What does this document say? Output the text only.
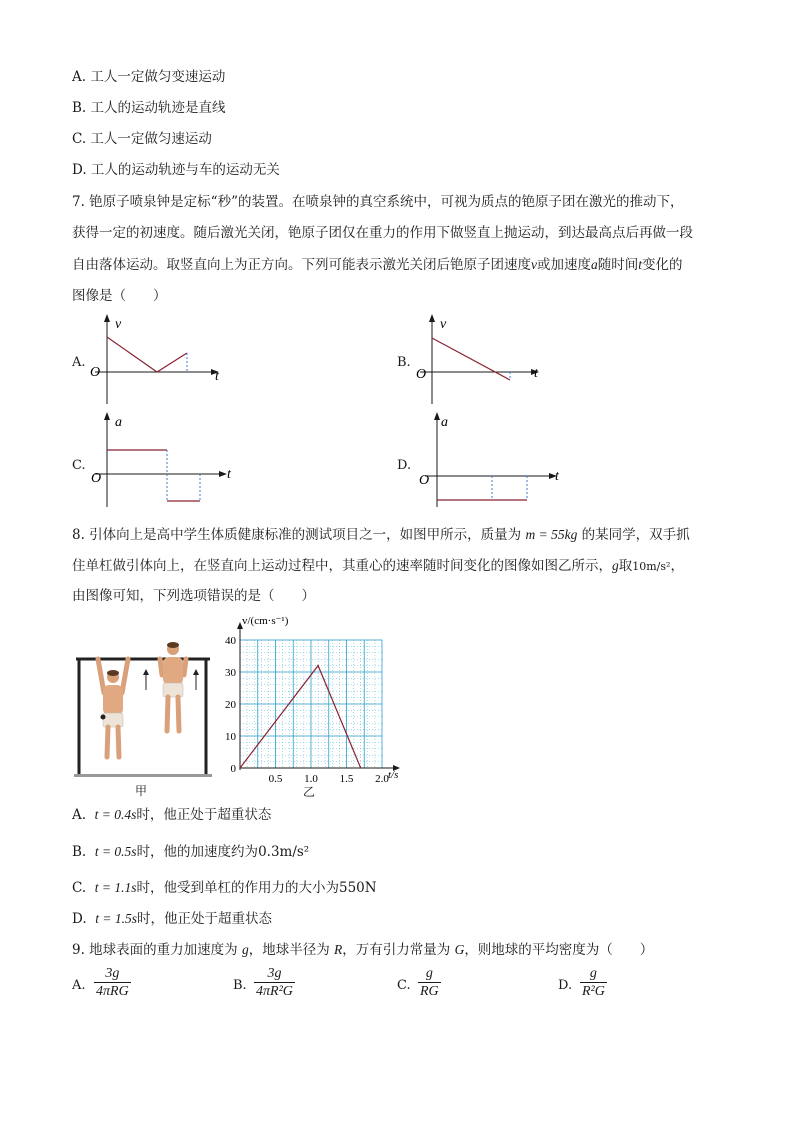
A. 工人一定做匀变速运动
B. 工人的运动轨迹是直线
C. 工人一定做匀速运动
D. 工人的运动轨迹与车的运动无关
7. 铯原子喷泉钟是定标“秒”的装置。在喷泉钟的真空系统中，可视为质点的铯原子团在激光的推动下，
获得一定的初速度。随后激光关闭，铯原子团仅在重力的作用下做竖直上抛运动，到达最高点后再做一段
自由落体运动。取竖直向上为正方向。下列可能表示激光关闭后铯原子团速度v或加速度a随时间t变化的
图像是（　　）
A.
v
O	t
B.
v
O	t
C.
a
O	t
D.
a
O	t
8. 引体向上是高中学生体质健康标准的测试项目之一，如图甲所示，质量为 m = 55kg 的某同学，双手抓
住单杠做引体向上，在竖直向上运动过程中，其重心的速率随时间变化的图像如图乙所示，g取10m/s²，
由图像可知，下列选项错误的是（　　）
甲
0
10
20
30
40
0.5 1.0 1.5 2.0
v/(cm·s⁻¹)
t/s
乙
A. t = 0.4s时，他正处于超重状态
B. t = 0.5s时，他的加速度约为0.3m/s²
C. t = 1.1s时，他受到单杠的作用力的大小为550N
D. t = 1.5s时，他正处于超重状态
9. 地球表面的重力加速度为 g，地球半径为 R，万有引力常量为 G，则地球的平均密度为（　　）
A.
3g
4πRG	B. $\frac{3g}{\text{4πR²G}}$	C. $\frac{g}{RG}$	D. $\frac{g}{\text{R²G}}$
